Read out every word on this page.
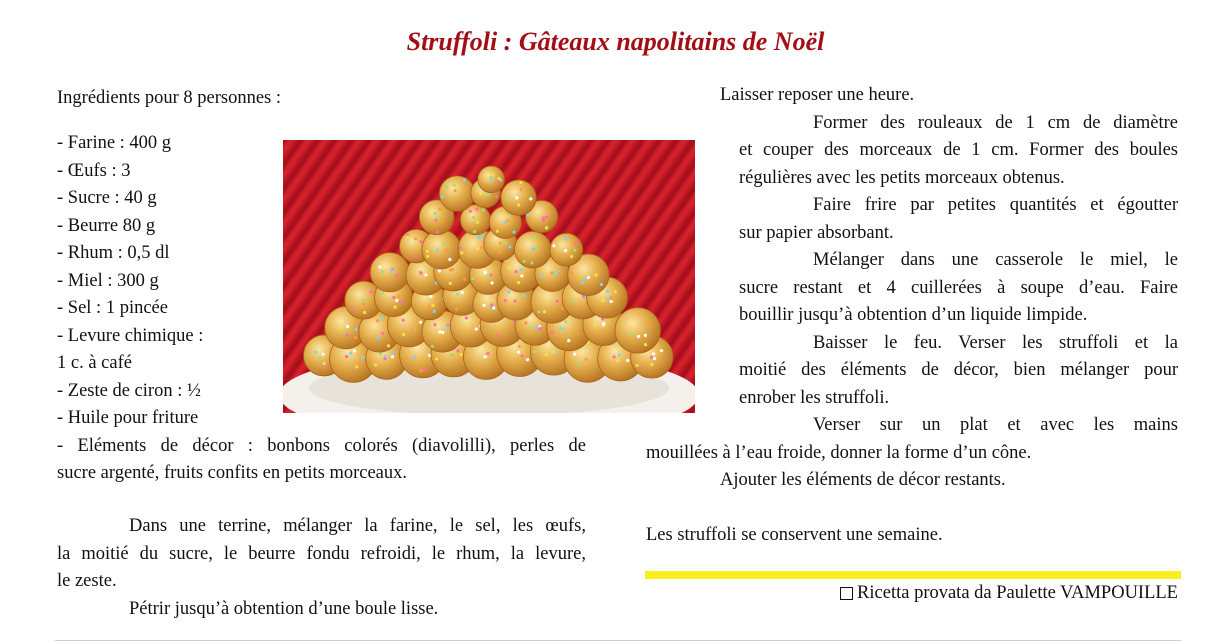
Struffoli : Gâteaux napolitains de Noël
Ingrédients pour 8 personnes :
- Farine : 400 g
- Œufs : 3
- Sucre : 40 g
- Beurre 80 g
- Rhum : 0,5 dl
- Miel : 300 g
- Sel : 1 pincée
- Levure chimique :
1 c. à café
- Zeste de ciron : ½
- Huile pour friture
- Eléments de décor : bonbons colorés (diavolilli), perles de
sucre argenté, fruits confits en petits morceaux.
Dans une terrine, mélanger la farine, le sel, les œufs,
la moitié du sucre, le beurre fondu refroidi, le rhum, la levure,
le zeste.
Pétrir jusqu’à obtention d’une boule lisse.
Laisser reposer une heure.
Former des rouleaux de 1 cm de diamètre
et couper des morceaux de 1 cm. Former des boules
régulières avec les petits morceaux obtenus.
Faire frire par petites quantités et égoutter
sur papier absorbant.
Mélanger dans une casserole le miel, le
sucre restant et 4 cuillerées à soupe d’eau. Faire
bouillir jusqu’à obtention d’un liquide limpide.
Baisser le feu. Verser les struffoli et la
moitié des éléments de décor, bien mélanger pour
enrober les struffoli.
Verser sur un plat et avec les mains
mouillées à l’eau froide, donner la forme d’un cône.
Ajouter les éléments de décor restants.
Les struffoli se conservent une semaine.
Ricetta provata da Paulette VAMPOUILLE
